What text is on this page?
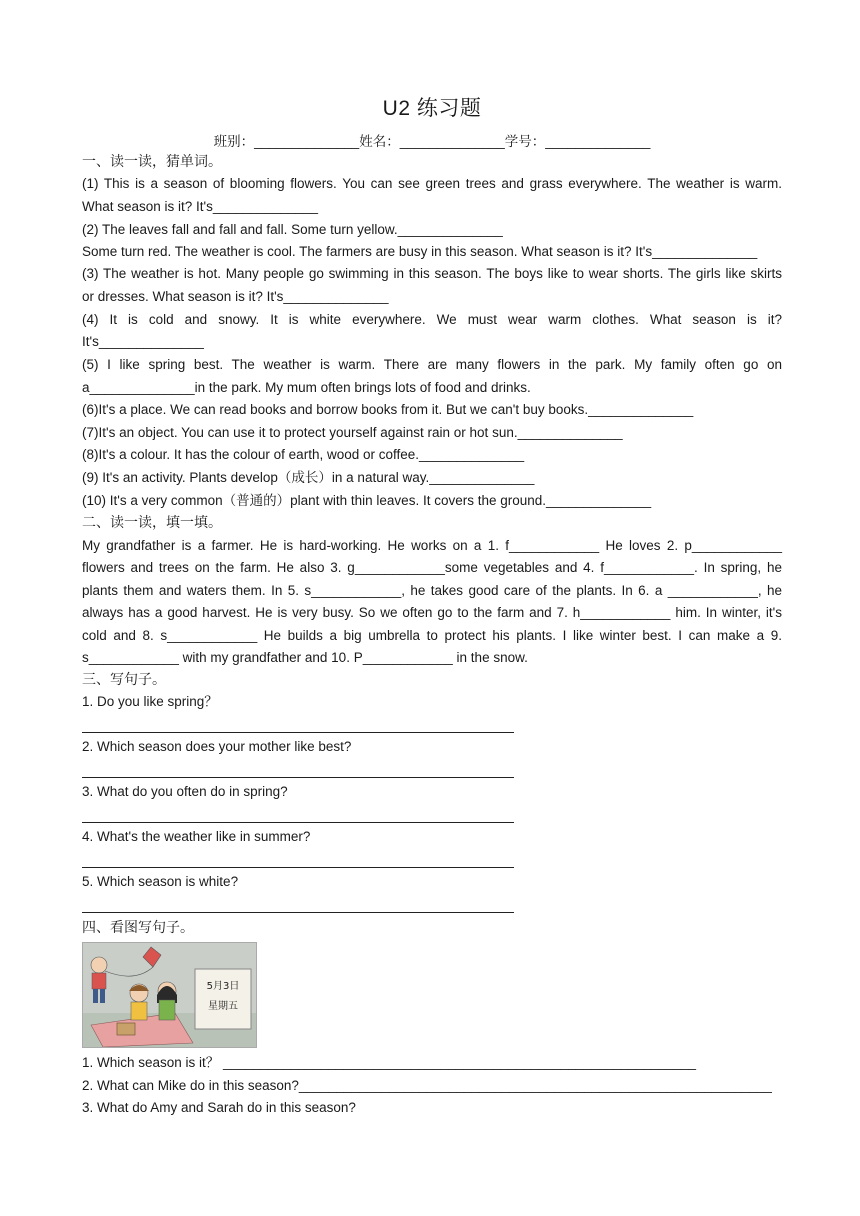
U2 练习题
班别：______________姓名：______________学号：______________
一、读一读，猜单词。
(1) This is a season of blooming flowers. You can see green trees and grass everywhere. The weather is warm.
What season is it? It's______________
(2) The leaves fall and fall and fall. Some turn yellow.______________
Some turn red. The weather is cool. The farmers are busy in this season. What season is it? It's______________
(3) The weather is hot. Many people go swimming in this season. The boys like to wear shorts. The girls like skirts
or dresses. What season is it? It's______________
(4) It is cold and snowy. It is white everywhere. We must wear warm clothes. What season is it?
It's______________
(5) I like spring best. The weather is warm. There are many flowers in the park. My family often go on
a______________in the park. My mum often brings lots of food and drinks.
(6)It's a place. We can read books and borrow books from it. But we can't buy books.______________
(7)It's an object. You can use it to protect yourself against rain or hot sun.______________
(8)It's a colour. It has the colour of earth, wood or coffee.______________
(9) It's an activity. Plants develop（成长）in a natural way.______________
(10) It's a very common（普通的）plant with thin leaves. It covers the ground.______________
二、读一读，填一填。
My grandfather is a farmer. He is hard-working. He works on a 1. f____________ He loves 2. p____________
flowers and trees on the farm. He also 3. g____________some vegetables and 4. f____________. In spring, he
plants them and waters them. In 5. s____________, he takes good care of the plants. In 6. a ____________, he
always has a good harvest. He is very busy. So we often go to the farm and 7. h____________ him. In winter, it's
cold and 8. s____________ He builds a big umbrella to protect his plants. I like winter best. I can make a 9.
s____________ with my grandfather and 10. P____________ in the snow.
三、写句子。
1. Do you like spring？
2. Which season does your mother like best?
3. What do you often do in spring?
4. What's the weather like in summer?
5. Which season is white?
四、看图写句子。
5月3日
星期五
1. Which season is it？ _______________________________________________________________
2. What can Mike do in this season?_______________________________________________________________
3. What do Amy and Sarah do in this season?
